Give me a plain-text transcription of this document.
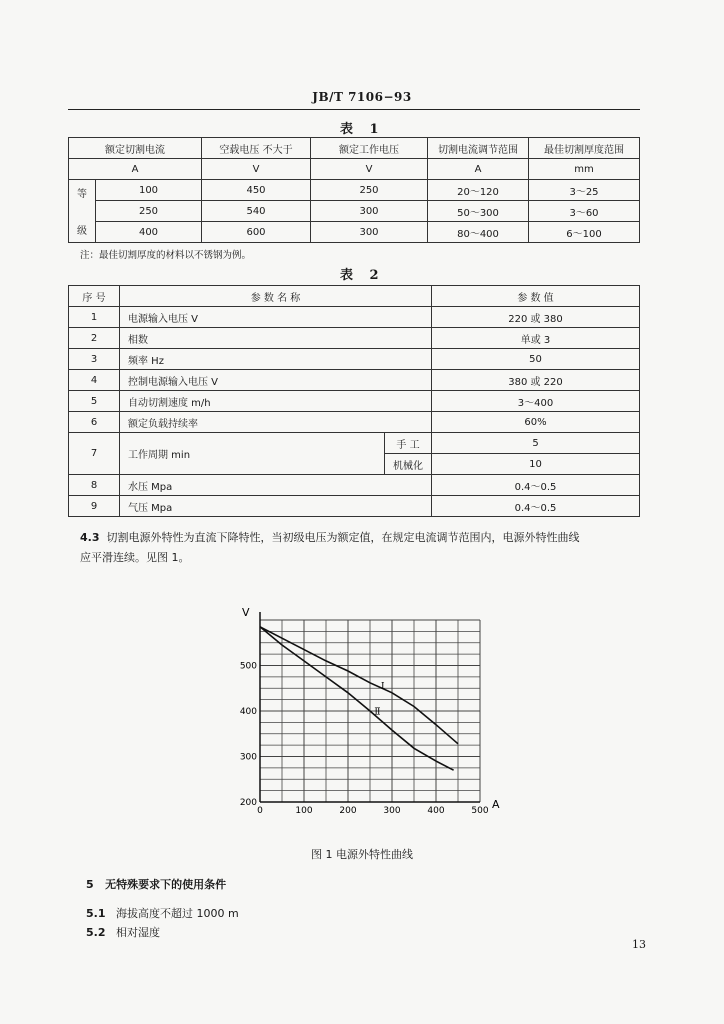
JB/T 7106−93
表 1
额定切割电流		空载电压 不大于	额定工作电压	切割电流调节范围	最佳切割厚度范围
A		V	V	A	mm

等
级	100	450	250	20～120	3～25
	250	540	300	50～300	3～60
	400	600	300	80～400	6～100
注：最佳切割厚度的材料以不锈钢为例。
表 2
序 号	参 数 名 称		参 数 值
1	电源输入电压 V		220 或 380
2	相数		单或 3
3	频率 Hz		50
4	控制电源输入电压 V		380 或 220
5	自动切割速度 m/h		3～400
6	额定负载持续率		60%
7	工作周期 min	手 工	5
		机械化	10
8	水压 Mpa		0.4～0.5
9	气压 Mpa		0.4～0.5
4.3 切割电源外特性为直流下降特性，当初级电压为额定值，在规定电流调节范围内，电源外特性曲线
应平滑连续。见图 1。
0	100	200	300	400	500
200
300
400
500
Ⅰ
Ⅱ
V
A
图 1 电源外特性曲线
5 无特殊要求下的使用条件
5.1 海拔高度不超过 1000 m
5.2 相对湿度
13
